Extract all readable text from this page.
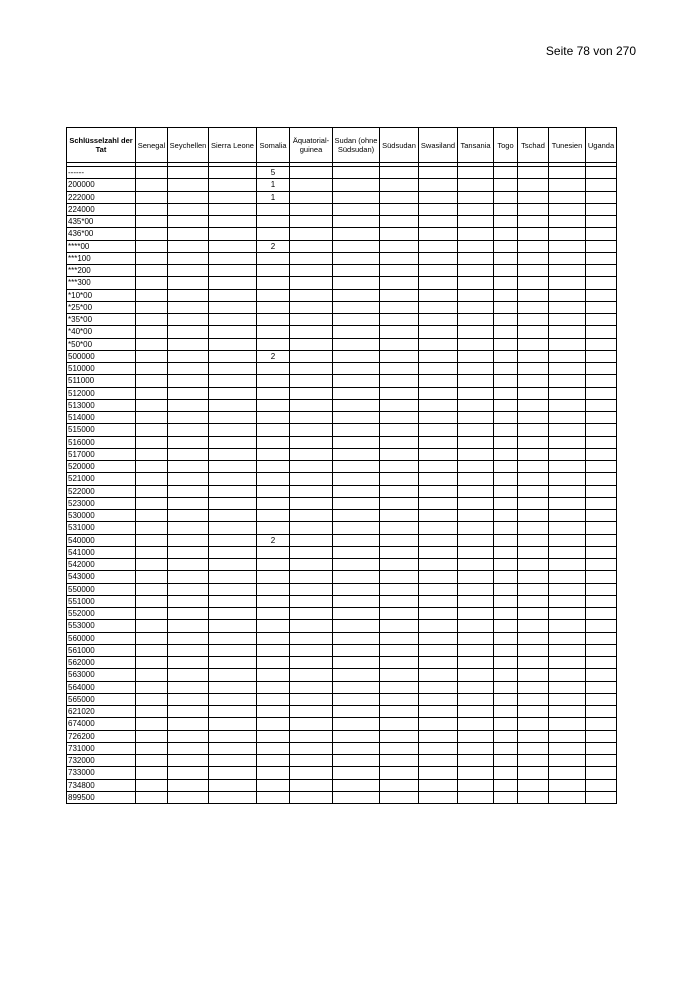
Seite 78 von 270
Schlüsselzahl der Tat	Senegal	Seychellen	Sierra Leone	Somalia	Äquatorial-guinea	Sudan (ohne Südsudan)	Südsudan	Swasiland	Tansania	Togo	Tschad	Tunesien	Uganda

------				5									
200000				1									
222000				1									
224000													
435*00													
436*00													
****00				2									
***100													
***200													
***300													
*10*00													
*25*00													
*35*00													
*40*00													
*50*00													
500000				2									
510000													
511000													
512000													
513000													
514000													
515000													
516000													
517000													
520000													
521000													
522000													
523000													
530000													
531000													
540000				2									
541000													
542000													
543000													
550000													
551000													
552000													
553000													
560000													
561000													
562000													
563000													
564000													
565000													
621020													
674000													
726200													
731000													
732000													
733000													
734800													
899500													
